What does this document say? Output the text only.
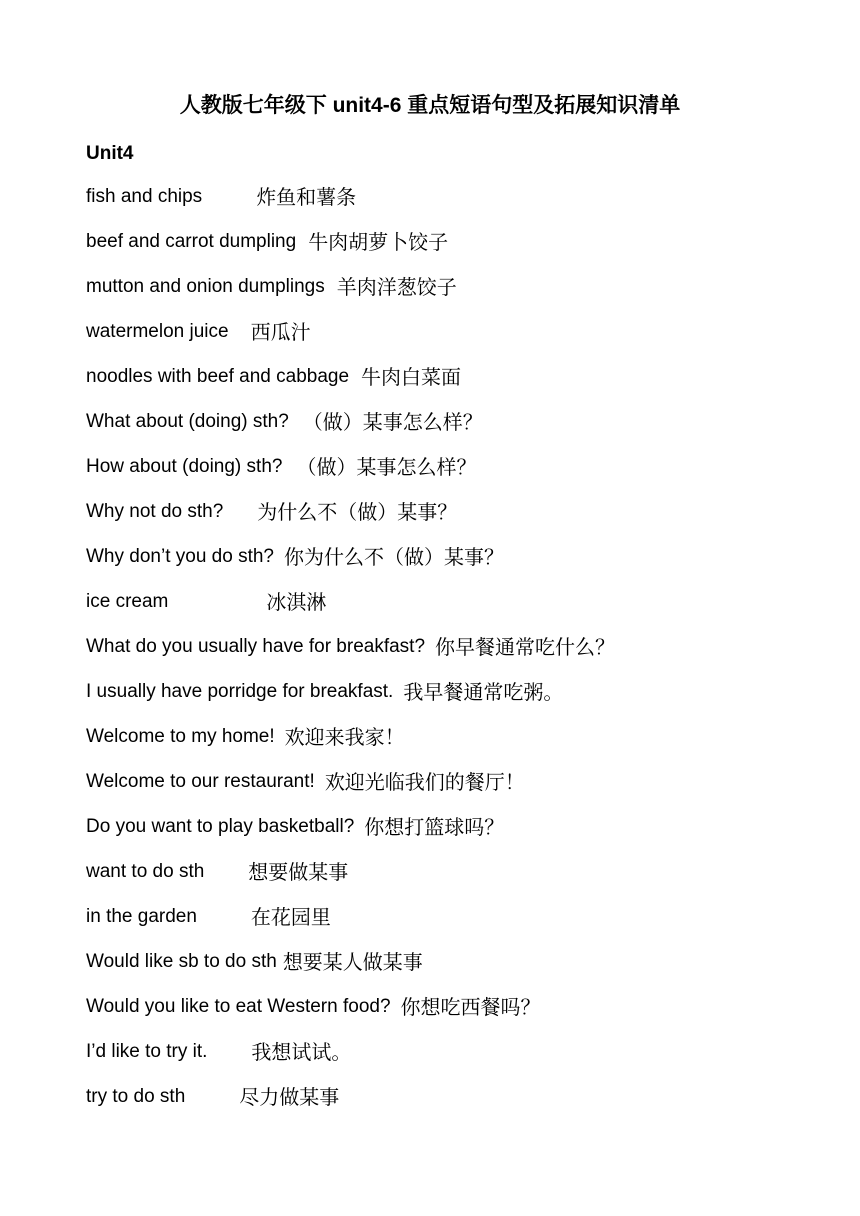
人教版七年级下 unit4-6 重点短语句型及拓展知识清单
Unit4
fish and chips	炸鱼和薯条
beef and carrot dumpling 牛肉胡萝卜饺子
mutton and onion dumplings 羊肉洋葱饺子
watermelon juice 西瓜汁
noodles with beef and cabbage 牛肉白菜面
What about (doing) sth? （做）某事怎么样？
How about (doing) sth? （做）某事怎么样？
Why not do sth? 为什么不（做）某事？
Why don’t you do sth? 你为什么不（做）某事？
ice cream	冰淇淋
What do you usually have for breakfast? 你早餐通常吃什么？
I usually have porridge for breakfast. 我早餐通常吃粥。
Welcome to my home! 欢迎来我家！
Welcome to our restaurant! 欢迎光临我们的餐厅！
Do you want to play basketball? 你想打篮球吗？
want to do sth 想要做某事
in the garden	在花园里
Would like sb to do sth 想要某人做某事
Would you like to eat Western food? 你想吃西餐吗？
I’d like to try it. 我想试试。
try to do sth	尽力做某事
